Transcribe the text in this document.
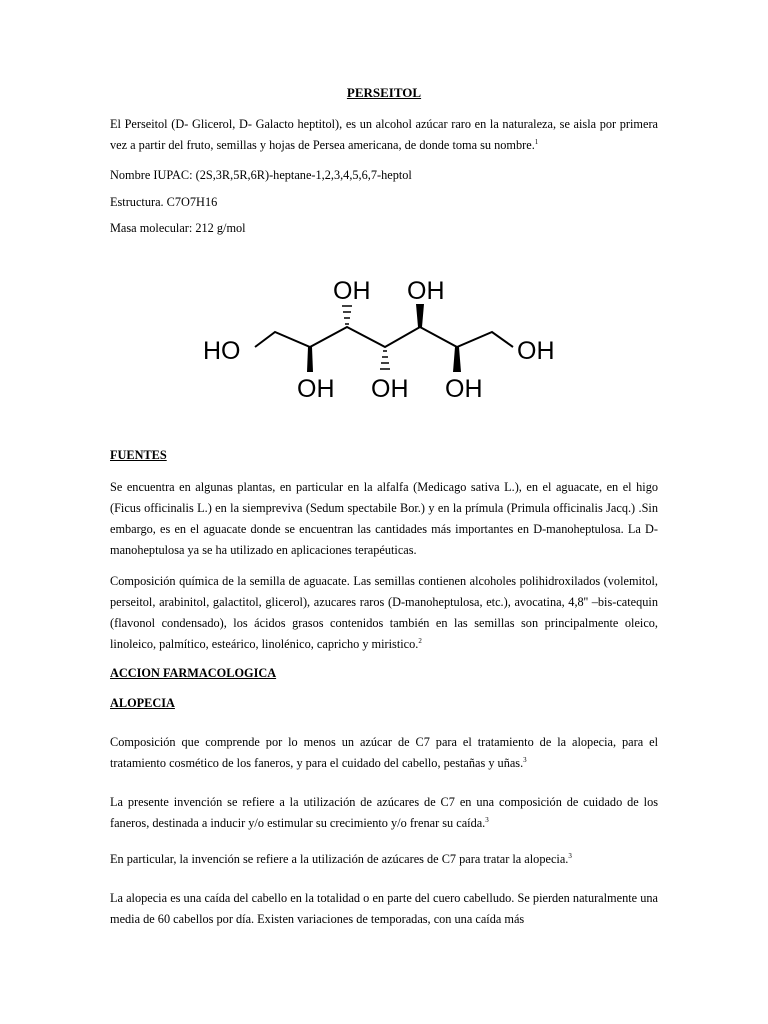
PERSEITOL
El Perseitol (D- Glicerol, D- Galacto heptitol), es un alcohol azúcar raro en la naturaleza, se aisla por primera vez a partir del fruto, semillas y hojas de Persea americana, de donde toma su nombre.$^1$
Nombre IUPAC: (2S,3R,5R,6R)-heptane-1,2,3,4,5,6,7-heptol
Estructura. C7O7H16
Masa molecular: 212 g/mol
FUENTES
Se encuentra en algunas plantas, en particular en la alfalfa (Medicago sativa L.), en el aguacate, en el higo (Ficus officinalis L.) en la siempreviva (Sedum spectabile Bor.) y en la prímula (Primula officinalis Jacq.) .Sin embargo, es en el aguacate donde se encuentran las cantidades más importantes en D-manoheptulosa. La D-manoheptulosa ya se ha utilizado en aplicaciones terapéuticas.
Composición química de la semilla de aguacate. Las semillas contienen alcoholes polihidroxilados (volemitol, perseitol, arabinitol, galactitol, glicerol), azucares raros (D-manoheptulosa, etc.), avocatina, 4,8'' –bis-catequin (flavonol condensado), los ácidos grasos contenidos también en las semillas son principalmente oleico, linoleico, palmítico, esteárico, linolénico, capricho y miristico.$^2$
ACCION FARMACOLOGICA
ALOPECIA
Composición que comprende por lo menos un azúcar de C7 para el tratamiento de la alopecia, para el tratamiento cosmético de los faneros, y para el cuidado del cabello, pestañas y uñas.$^3$
La presente invención se refiere a la utilización de azúcares de C7 en una composición de cuidado de los faneros, destinada a inducir y/o estimular su crecimiento y/o frenar su caída.$^3$
En particular, la invención se refiere a la utilización de azúcares de C7 para tratar la alopecia.$^3$
La alopecia es una caída del cabello en la totalidad o en parte del cuero cabelludo. Se pierden naturalmente una media de 60 cabellos por día. Existen variaciones de temporadas, con una caída más
HO	OH
OH OH
OH OH OH
